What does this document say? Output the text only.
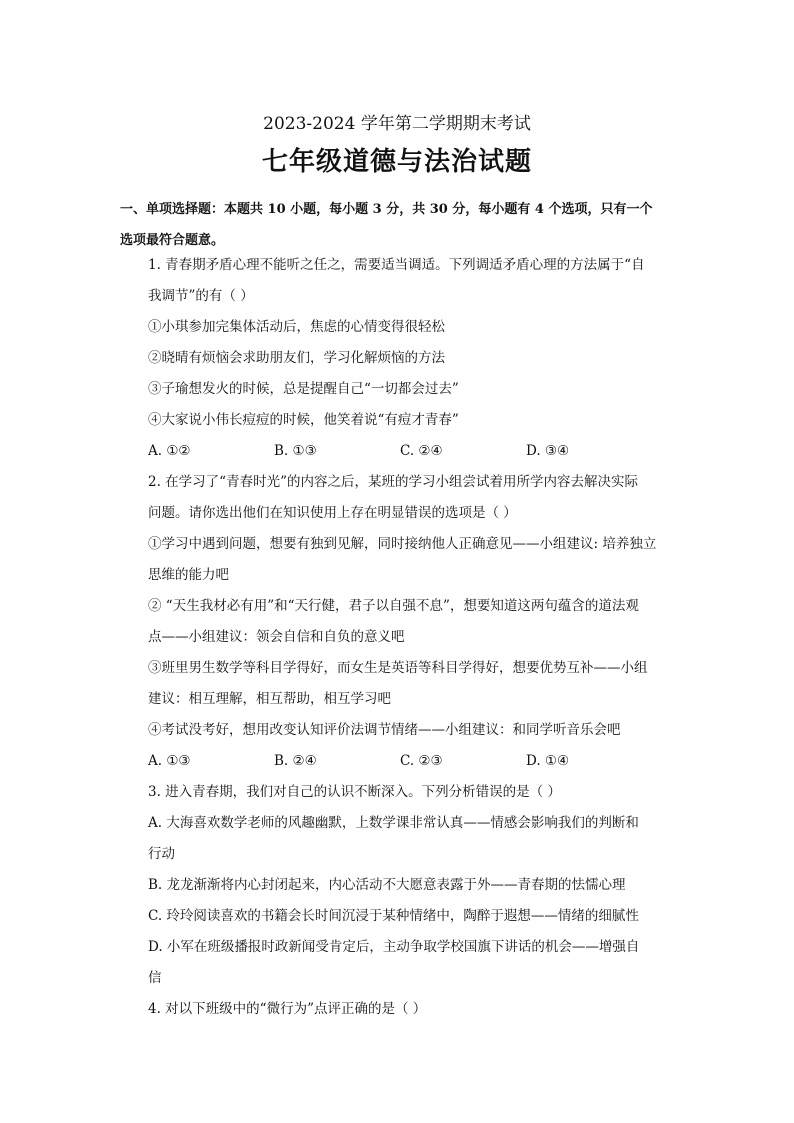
2023-2024 学年第二学期期末考试
七年级道德与法治试题
一、单项选择题：本题共 10 小题，每小题 3 分，共 30 分，每小题有 4 个选项，只有一个
选项最符合题意。
1. 青春期矛盾心理不能听之任之，需要适当调适。下列调适矛盾心理的方法属于“自
我调节”的有（ ）
①小琪参加完集体活动后，焦虑的心情变得很轻松
②晓晴有烦恼会求助朋友们，学习化解烦恼的方法
③子瑜想发火的时候，总是提醒自己“一切都会过去”
④大家说小伟长痘痘的时候，他笑着说“有痘才青春”
A. ①②	B. ①③	C. ②④	D. ③④
2. 在学习了“青春时光”的内容之后，某班的学习小组尝试着用所学内容去解决实际
问题。请你选出他们在知识使用上存在明显错误的选项是（ ）
①学习中遇到问题，想要有独到见解，同时接纳他人正确意见——小组建议: 培养独立
思维的能力吧
② “天生我材必有用”和“天行健，君子以自强不息”，想要知道这两句蕴含的道法观
点——小组建议：领会自信和自负的意义吧
③班里男生数学等科目学得好，而女生是英语等科目学得好，想要优势互补——小组
建议：相互理解，相互帮助，相互学习吧
④考试没考好，想用改变认知评价法调节情绪——小组建议：和同学听音乐会吧
A. ①③	B. ②④	C. ②③	D. ①④
3. 进入青春期，我们对自己的认识不断深入。下列分析错误的是（ ）
A. 大海喜欢数学老师的风趣幽默，上数学课非常认真——情感会影响我们的判断和
行动
B. 龙龙渐渐将内心封闭起来，内心活动不大愿意表露于外——青春期的怯懦心理
C. 玲玲阅读喜欢的书籍会长时间沉浸于某种情绪中，陶醉于遐想——情绪的细腻性
D. 小军在班级播报时政新闻受肯定后，主动争取学校国旗下讲话的机会——增强自
信
4. 对以下班级中的“微行为”点评正确的是（ ）
